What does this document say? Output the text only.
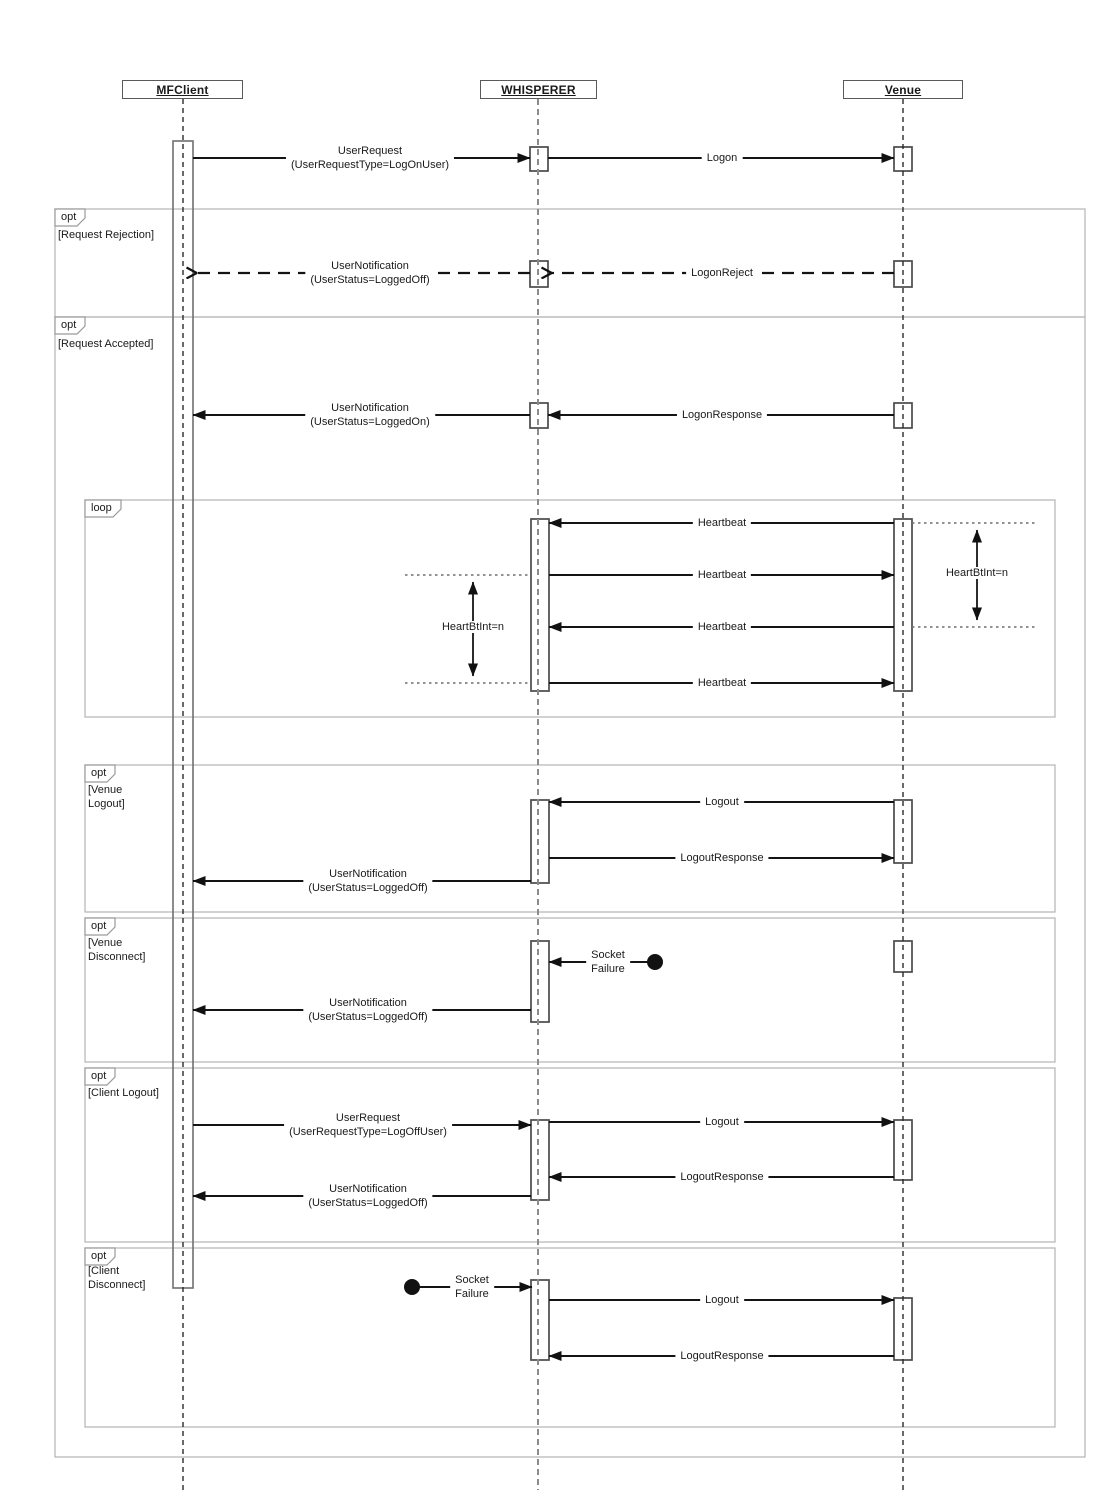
MFClient	WHISPERER	Venue
opt
opt
loop
opt
opt
opt
opt
[Request Rejection]
[Request Accepted]
[Venue Logout]
[Venue Disconnect]
[Client Logout]
[Client Disconnect]
UserRequest
(UserRequestType=LogOnUser)
Logon
UserNotification
(UserStatus=LoggedOff)
LogonReject
UserNotification
(UserStatus=LoggedOn)
LogonResponse
Heartbeat
Heartbeat
Heartbeat
Heartbeat
Logout
LogoutResponse
UserNotification
(UserStatus=LoggedOff)
Socket
Failure
UserNotification
(UserStatus=LoggedOff)
UserRequest
(UserRequestType=LogOffUser)
Logout
LogoutResponse
UserNotification
(UserStatus=LoggedOff)
Socket
Failure	Logout
LogoutResponse
HeartBtInt=n
HeartBtInt=n
